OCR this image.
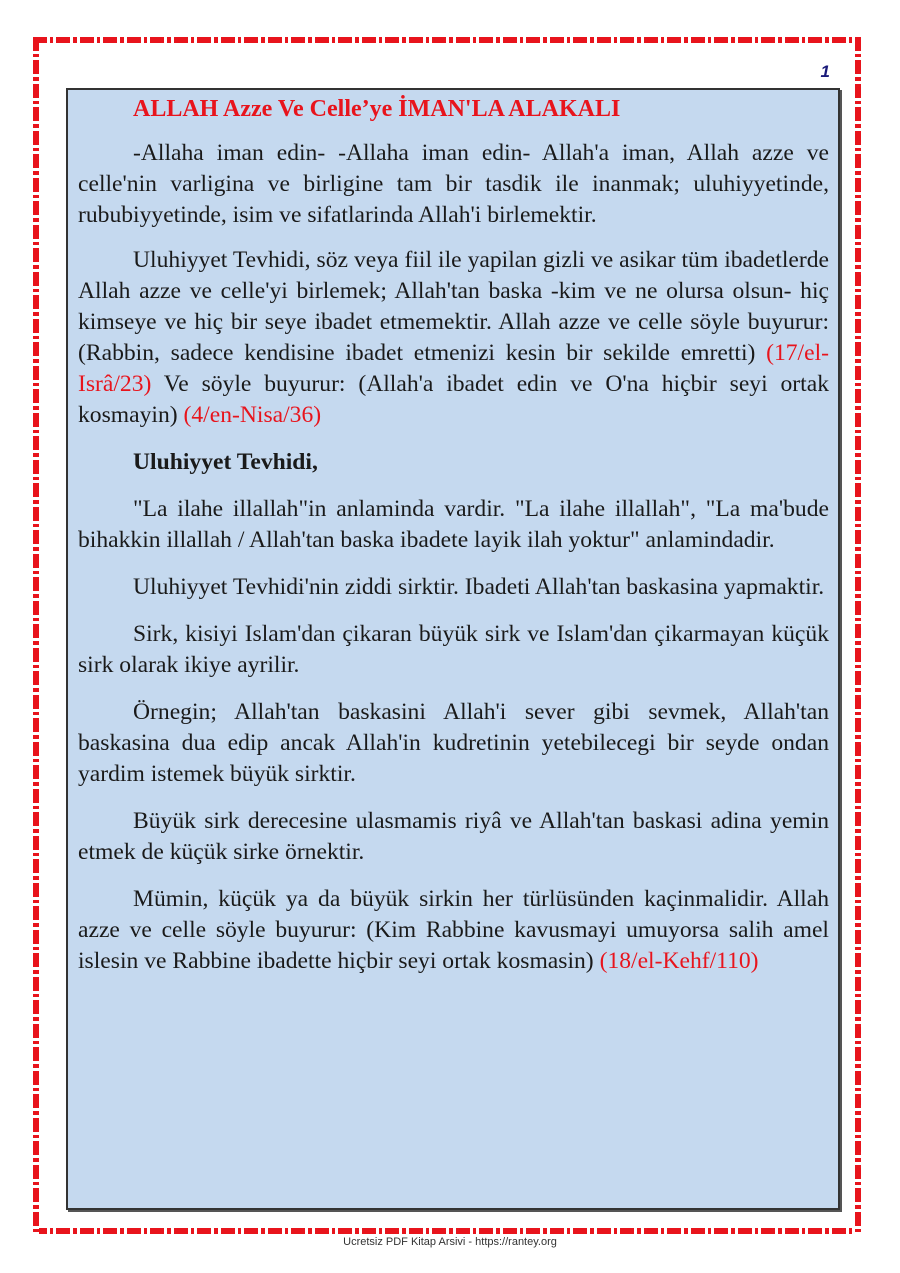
1

ALLAH Azze Ve Celle’ye İMAN'LA ALAKALI

-Allaha iman edin- -Allaha iman edin- Allah'a iman, Allah azze ve celle'nin varligina ve birligine tam bir tasdik ile inanmak; uluhiyyetinde, rububiyyetinde, isim ve sifatlarinda Allah'i birlemektir.

Uluhiyyet Tevhidi, söz veya fiil ile yapilan gizli ve asikar tüm ibadetlerde Allah azze ve celle'yi birlemek; Allah'tan baska -kim ve ne olursa olsun- hiç kimseye ve hiç bir seye ibadet etmemektir. Allah azze ve celle söyle buyurur: (Rabbin, sadece kendisine ibadet etmenizi kesin bir sekilde emretti) (17/el-Isrâ/23) Ve söyle buyurur: (Allah'a ibadet edin ve O'na hiçbir seyi ortak kosmayin) (4/en-Nisa/36)

Uluhiyyet Tevhidi,

"La ilahe illallah"in anlaminda vardir. "La ilahe illallah", "La ma'bude bihakkin illallah / Allah'tan baska ibadete layik ilah yoktur" anlamindadir.

Uluhiyyet Tevhidi'nin ziddi sirktir. Ibadeti Allah'tan baskasina yapmaktir.

Sirk, kisiyi Islam'dan çikaran büyük sirk ve Islam'dan çikarmayan küçük sirk olarak ikiye ayrilir.

Örnegin; Allah'tan baskasini Allah'i sever gibi sevmek, Allah'tan baskasina dua edip ancak Allah'in kudretinin yetebilecegi bir seyde ondan yardim istemek büyük sirktir.

Büyük sirk derecesine ulasmamis riyâ ve Allah'tan baskasi adina yemin etmek de küçük sirke örnektir.

Mümin, küçük ya da büyük sirkin her türlüsünden kaçinmalidir. Allah azze ve celle söyle buyurur: (Kim Rabbine kavusmayi umuyorsa salih amel islesin ve Rabbine ibadette hiçbir seyi ortak kosmasin) (18/el-Kehf/110)

Ucretsiz PDF Kitap Arsivi - https://rantey.org
